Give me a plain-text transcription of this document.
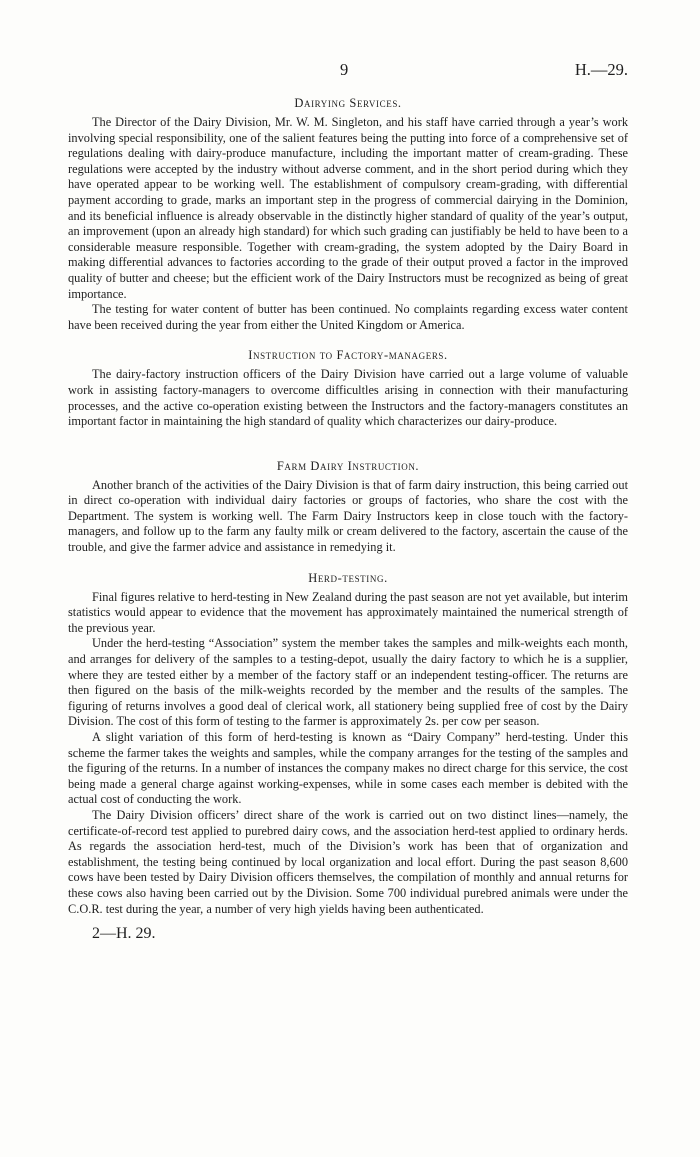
9	H.—29.
Dairying Services.

The Director of the Dairy Division, Mr. W. M. Singleton, and his staff have carried through a year’s work involving special responsibility, one of the salient features being the putting into force of a comprehensive set of regulations dealing with dairy-produce manufacture, including the important matter of cream-grading. These regulations were accepted by the industry without adverse comment, and in the short period during which they have operated appear to be working well. The establishment of compulsory cream-grading, with differential payment according to grade, marks an important step in the progress of commercial dairying in the Dominion, and its beneficial influence is already observable in the distinctly higher standard of quality of the year’s output, an improvement (upon an already high standard) for which such grading can justifiably be held to have been to a considerable measure responsible. Together with cream-grading, the system adopted by the Dairy Board in making differential advances to factories according to the grade of their output proved a factor in the improved quality of butter and cheese; but the efficient work of the Dairy Instructors must be recognized as being of great importance.

The testing for water content of butter has been continued. No complaints regarding excess water content have been received during the year from either the United Kingdom or America.

Instruction to Factory-managers.

The dairy-factory instruction officers of the Dairy Division have carried out a large volume of valuable work in assisting factory-managers to overcome difficultles arising in connection with their manufacturing processes, and the active co-operation existing between the Instructors and the factory-managers constitutes an important factor in maintaining the high standard of quality which characterizes our dairy-produce.

Farm Dairy Instruction.

Another branch of the activities of the Dairy Division is that of farm dairy instruction, this being carried out in direct co-operation with individual dairy factories or groups of factories, who share the cost with the Department. The system is working well. The Farm Dairy Instructors keep in close touch with the factory-managers, and follow up to the farm any faulty milk or cream delivered to the factory, ascertain the cause of the trouble, and give the farmer advice and assistance in remedying it.

Herd-testing.

Final figures relative to herd-testing in New Zealand during the past season are not yet available, but interim statistics would appear to evidence that the movement has approximately maintained the numerical strength of the previous year.

Under the herd-testing “Association” system the member takes the samples and milk-weights each month, and arranges for delivery of the samples to a testing-depot, usually the dairy factory to which he is a supplier, where they are tested either by a member of the factory staff or an independent testing-officer. The returns are then figured on the basis of the milk-weights recorded by the member and the results of the samples. The figuring of returns involves a good deal of clerical work, all stationery being supplied free of cost by the Dairy Division. The cost of this form of testing to the farmer is approximately 2s. per cow per season.

A slight variation of this form of herd-testing is known as “Dairy Company” herd-testing. Under this scheme the farmer takes the weights and samples, while the company arranges for the testing of the samples and the figuring of the returns. In a number of instances the company makes no direct charge for this service, the cost being made a general charge against working-expenses, while in some cases each member is debited with the actual cost of conducting the work.

The Dairy Division officers’ direct share of the work is carried out on two distinct lines—namely, the certificate-of-record test applied to purebred dairy cows, and the association herd-test applied to ordinary herds. As regards the association herd-test, much of the Division’s work has been that of organization and establishment, the testing being continued by local organization and local effort. During the past season 8,600 cows have been tested by Dairy Division officers themselves, the compilation of monthly and annual returns for these cows also having been carried out by the Division. Some 700 individual purebred animals were under the C.O.R. test during the year, a number of very high yields having been authenticated.

2—H. 29.
